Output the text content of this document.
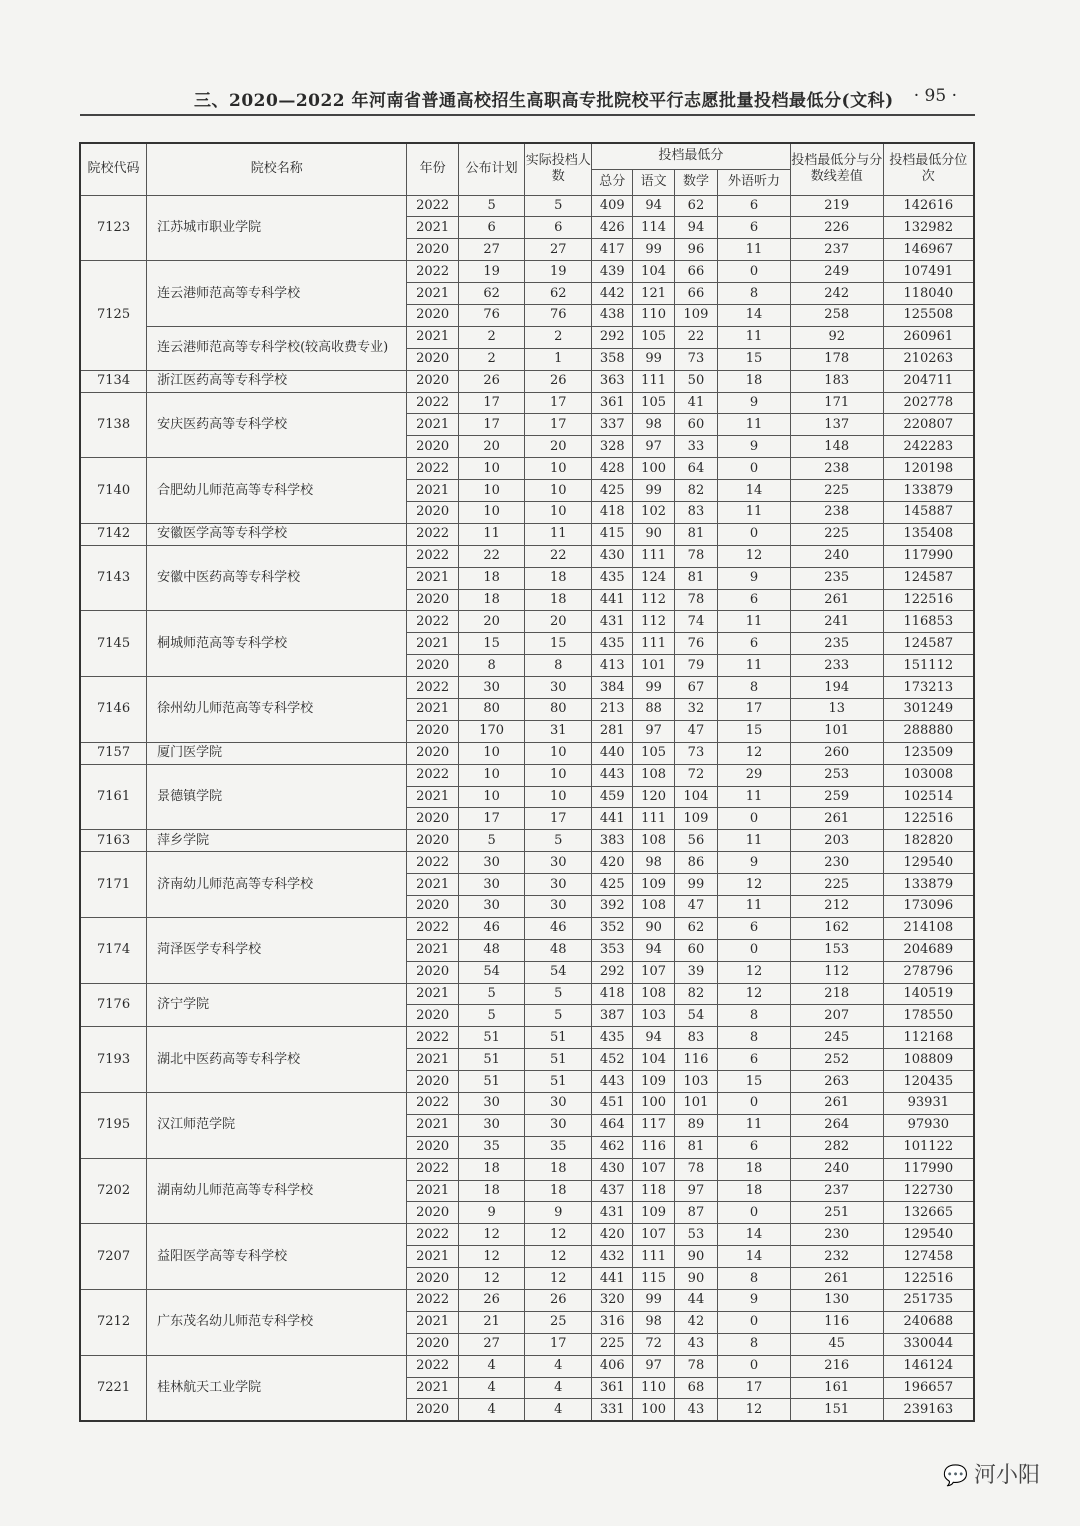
三、2020—2022 年河南省普通高校招生高职高专批院校平行志愿批量投档最低分(文科) · 95 ·
院校代码	院校名称	年份	公布计划	实际投档人数	投档最低分				投档最低分与分数线差值	投档最低分位次
					总分	语文	数学	外语听力		
7123	江苏城市职业学院	2022	5	5	409	94	62	6	219	142616
		2021	6	6	426	114	94	6	226	132982
		2020	27	27	417	99	96	11	237	146967
7125	连云港师范高等专科学校	2022	19	19	439	104	66	0	249	107491
		2021	62	62	442	121	66	8	242	118040
		2020	76	76	438	110	109	14	258	125508
	连云港师范高等专科学校(较高收费专业)	2021	2	2	292	105	22	11	92	260961
		2020	2	1	358	99	73	15	178	210263
7134	浙江医药高等专科学校	2020	26	26	363	111	50	18	183	204711
7138	安庆医药高等专科学校	2022	17	17	361	105	41	9	171	202778
		2021	17	17	337	98	60	11	137	220807
		2020	20	20	328	97	33	9	148	242283
7140	合肥幼儿师范高等专科学校	2022	10	10	428	100	64	0	238	120198
		2021	10	10	425	99	82	14	225	133879
		2020	10	10	418	102	83	11	238	145887
7142	安徽医学高等专科学校	2022	11	11	415	90	81	0	225	135408
7143	安徽中医药高等专科学校	2022	22	22	430	111	78	12	240	117990
		2021	18	18	435	124	81	9	235	124587
		2020	18	18	441	112	78	6	261	122516
7145	桐城师范高等专科学校	2022	20	20	431	112	74	11	241	116853
		2021	15	15	435	111	76	6	235	124587
		2020	8	8	413	101	79	11	233	151112
7146	徐州幼儿师范高等专科学校	2022	30	30	384	99	67	8	194	173213
		2021	80	80	213	88	32	17	13	301249
		2020	170	31	281	97	47	15	101	288880
7157	厦门医学院	2020	10	10	440	105	73	12	260	123509
7161	景德镇学院	2022	10	10	443	108	72	29	253	103008
		2021	10	10	459	120	104	11	259	102514
		2020	17	17	441	111	109	0	261	122516
7163	萍乡学院	2020	5	5	383	108	56	11	203	182820
7171	济南幼儿师范高等专科学校	2022	30	30	420	98	86	9	230	129540
		2021	30	30	425	109	99	12	225	133879
		2020	30	30	392	108	47	11	212	173096
7174	菏泽医学专科学校	2022	46	46	352	90	62	6	162	214108
		2021	48	48	353	94	60	0	153	204689
		2020	54	54	292	107	39	12	112	278796
7176	济宁学院	2021	5	5	418	108	82	12	218	140519
		2020	5	5	387	103	54	8	207	178550
7193	湖北中医药高等专科学校	2022	51	51	435	94	83	8	245	112168
		2021	51	51	452	104	116	6	252	108809
		2020	51	51	443	109	103	15	263	120435
7195	汉江师范学院	2022	30	30	451	100	101	0	261	93931
		2021	30	30	464	117	89	11	264	97930
		2020	35	35	462	116	81	6	282	101122
7202	湖南幼儿师范高等专科学校	2022	18	18	430	107	78	18	240	117990
		2021	18	18	437	118	97	18	237	122730
		2020	9	9	431	109	87	0	251	132665
7207	益阳医学高等专科学校	2022	12	12	420	107	53	14	230	129540
		2021	12	12	432	111	90	14	232	127458
		2020	12	12	441	115	90	8	261	122516
7212	广东茂名幼儿师范专科学校	2022	26	26	320	99	44	9	130	251735
		2021	21	25	316	98	42	0	116	240688
		2020	27	17	225	72	43	8	45	330044
7221	桂林航天工业学院	2022	4	4	406	97	78	0	216	146124
		2021	4	4	361	110	68	17	161	196657
		2020	4	4	331	100	43	12	151	239163
💬 河小阳
